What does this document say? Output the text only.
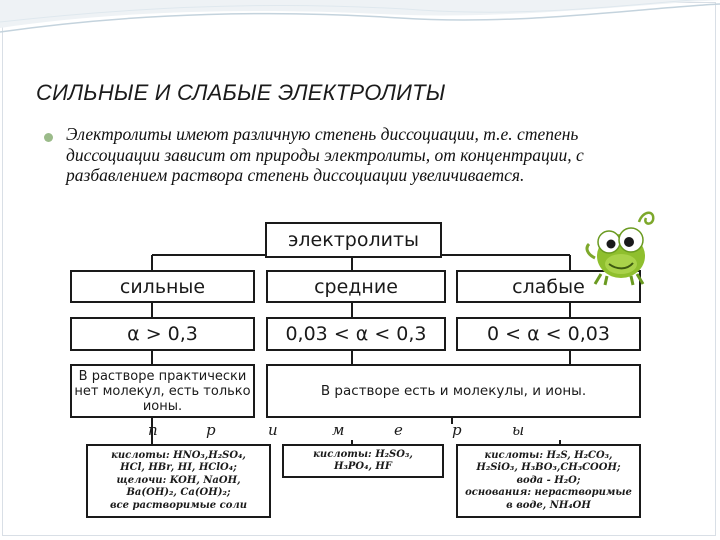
СИЛЬНЫЕ И СЛАБЫЕ ЭЛЕКТРОЛИТЫ
Электролиты имеют различную степень диссоциации, т.е. степень диссоциации зависит от природы электролиты, от концентрации, с разбавлением раствора степень диссоциации увеличивается.
электролиты
сильные	средние	слабые
α > 0,3	0,03 < α < 0,3	0 < α < 0,03
В растворе практически нет молекул, есть только ионы.
В растворе есть и молекулы, и ионы.
п	р	и	м	е	р	ы
кислоты: HNO₃,H₂SO₄,
HCl, HBr, HI, HClO₄;
щелочи: KOH, NaOH,
Ba(OH)₂, Ca(OH)₂;
все растворимые соли
кислоты: H₂SO₃,
H₃PO₄, HF
кислоты: H₂S, H₂CO₃,
H₂SiO₃, H₃BO₃,CH₃COOH;
вода - H₂O;
основания: нерастворимые
в воде, NH₄OH
